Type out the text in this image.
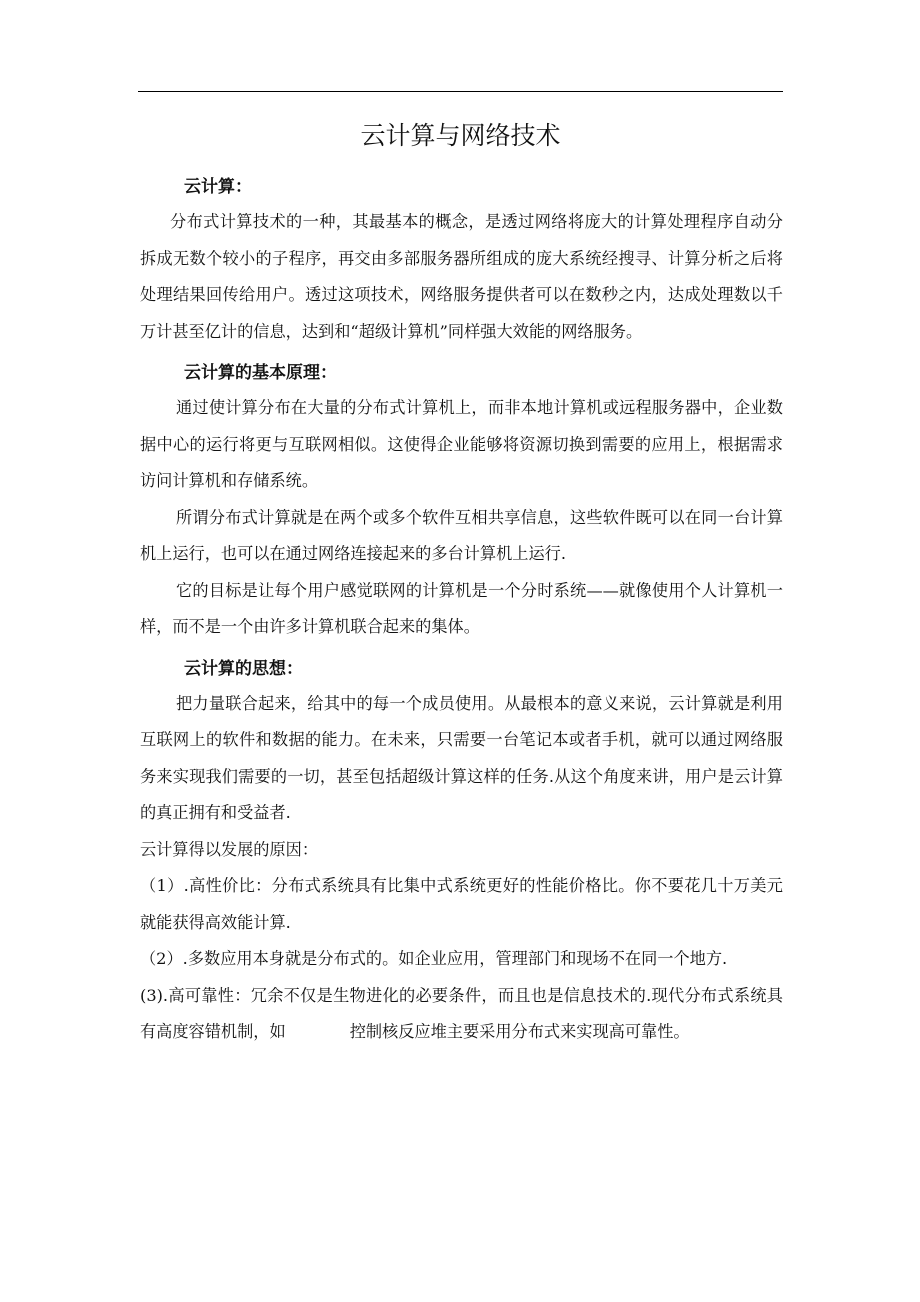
云计算与网络技术
云计算：

分布式计算技术的一种，其最基本的概念，是透过网络将庞大的计算处理程序自动分拆成无数个较小的子程序，再交由多部服务器所组成的庞大系统经搜寻、计算分析之后将处理结果回传给用户。透过这项技术，网络服务提供者可以在数秒之内，达成处理数以千万计甚至亿计的信息，达到和“超级计算机”同样强大效能的网络服务。

云计算的基本原理：

通过使计算分布在大量的分布式计算机上，而非本地计算机或远程服务器中，企业数据中心的运行将更与互联网相似。这使得企业能够将资源切换到需要的应用上，根据需求访问计算机和存储系统。

所谓分布式计算就是在两个或多个软件互相共享信息，这些软件既可以在同一台计算机上运行，也可以在通过网络连接起来的多台计算机上运行.

它的目标是让每个用户感觉联网的计算机是一个分时系统——就像使用个人计算机一样，而不是一个由许多计算机联合起来的集体。

云计算的思想：

把力量联合起来，给其中的每一个成员使用。从最根本的意义来说，云计算就是利用互联网上的软件和数据的能力。在未来，只需要一台笔记本或者手机，就可以通过网络服务来实现我们需要的一切，甚至包括超级计算这样的任务.从这个角度来讲，用户是云计算的真正拥有和受益者.

云计算得以发展的原因：

（1）.高性价比：分布式系统具有比集中式系统更好的性能价格比。你不要花几十万美元就能获得高效能计算.

（2）.多数应用本身就是分布式的。如企业应用，管理部门和现场不在同一个地方.

(3).高可靠性：冗余不仅是生物进化的必要条件，而且也是信息技术的.现代分布式系统具有高度容错机制，如	控制核反应堆主要采用分布式来实现高可靠性。
